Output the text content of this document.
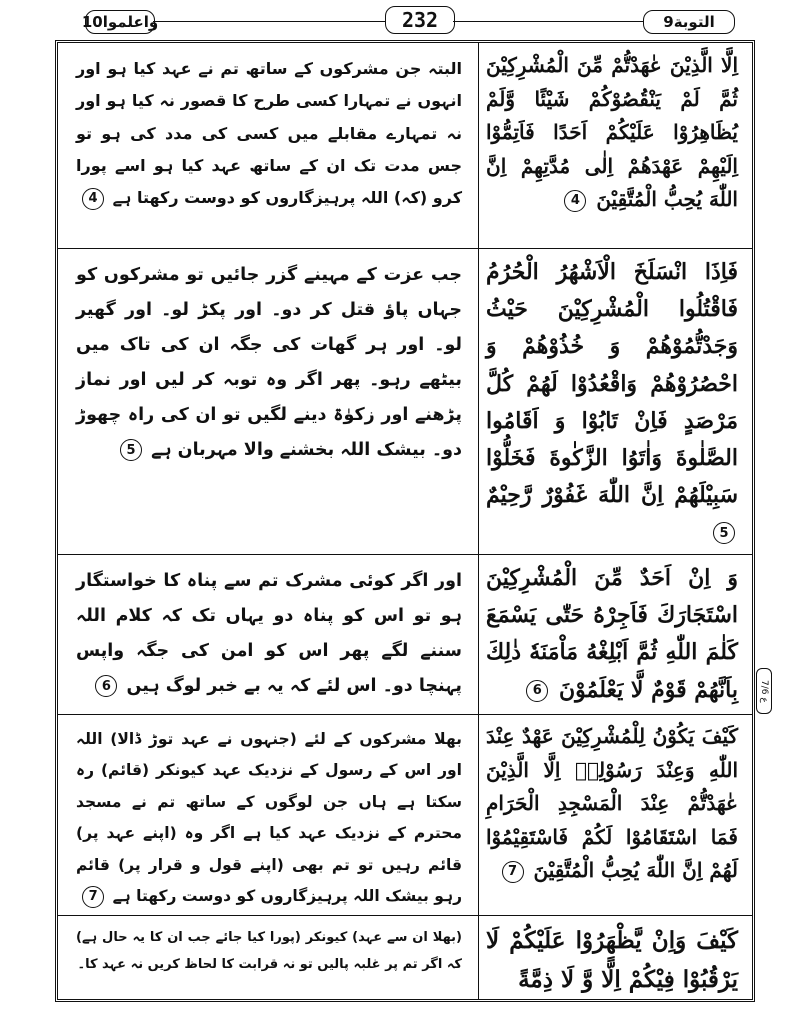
واعلموا10	232	التوبة9
اِلَّا الَّذِيْنَ عٰهَدْتُّمْ مِّنَ الْمُشْرِكِيْنَ ثُمَّ لَمْ يَنْقُصُوْكُمْ شَيْئًا وَّلَمْ يُظَاهِرُوْا عَلَيْكُمْ اَحَدًا فَاَتِمُّوْا اِلَيْهِمْ عَهْدَهُمْ اِلٰى مُدَّتِهِمْ اِنَّ اللّٰهَ يُحِبُّ الْمُتَّقِيْنَ 4
البتہ جن مشرکوں کے ساتھ تم نے عہد کیا ہو اور انہوں نے تمہارا کسی طرح کا قصور نہ کیا ہو اور نہ تمہارے مقابلے میں کسی کی مدد کی ہو تو جس مدت تک ان کے ساتھ عہد کیا ہو اسے پورا کرو (کہ) اللہ پرہیزگاروں کو دوست رکھتا ہے 4
فَاِذَا انْسَلَخَ الْاَشْهُرُ الْحُرُمُ فَاقْتُلُوا الْمُشْرِكِيْنَ حَيْثُ وَجَدْتُّمُوْهُمْ وَ خُذُوْهُمْ وَ احْصُرُوْهُمْ وَاقْعُدُوْا لَهُمْ كُلَّ مَرْصَدٍ فَاِنْ تَابُوْا وَ اَقَامُوا الصَّلٰوةَ وَاٰتَوُا الزَّكٰوةَ فَخَلُّوْا سَبِيْلَهُمْ اِنَّ اللّٰهَ غَفُوْرٌ رَّحِيْمٌ 5
جب عزت کے مہینے گزر جائیں تو مشرکوں کو جہاں پاؤ قتل کر دو۔ اور پکڑ لو۔ اور گھیر لو۔ اور ہر گھات کی جگہ ان کی تاک میں بیٹھے رہو۔ پھر اگر وہ توبہ کر لیں اور نماز پڑھنے اور زکوٰۃ دینے لگیں تو ان کی راہ چھوڑ دو۔ بیشک اللہ بخشنے والا مہربان ہے 5
وَ اِنْ اَحَدٌ مِّنَ الْمُشْرِكِيْنَ اسْتَجَارَكَ فَاَجِرْهُ حَتّٰى يَسْمَعَ كَلٰمَ اللّٰهِ ثُمَّ اَبْلِغْهُ مَاْمَنَهٗ ذٰلِكَ بِاَنَّهُمْ قَوْمٌ لَّا يَعْلَمُوْنَ 6
اور اگر کوئی مشرک تم سے پناہ کا خواستگار ہو تو اس کو پناہ دو یہاں تک کہ کلام اللہ سننے لگے پھر اس کو امن کی جگہ واپس پہنچا دو۔ اس لئے کہ یہ بے خبر لوگ ہیں 6
كَيْفَ يَكُوْنُ لِلْمُشْرِكِيْنَ عَهْدٌ عِنْدَ اللّٰهِ وَعِنْدَ رَسُوْلِهٖ اِلَّا الَّذِيْنَ عٰهَدْتُّمْ عِنْدَ الْمَسْجِدِ الْحَرَامِ فَمَا اسْتَقَامُوْا لَكُمْ فَاسْتَقِيْمُوْا لَهُمْ اِنَّ اللّٰهَ يُحِبُّ الْمُتَّقِيْنَ 7
بھلا مشرکوں کے لئے (جنہوں نے عہد توڑ ڈالا) اللہ اور اس کے رسول کے نزدیک عہد کیونکر (قائم) رہ سکتا ہے ہاں جن لوگوں کے ساتھ تم نے مسجد محترم کے نزدیک عہد کیا ہے اگر وہ (اپنے عہد پر) قائم رہیں تو تم بھی (اپنے قول و قرار پر) قائم رہو بیشک اللہ پرہیزگاروں کو دوست رکھتا ہے 7
كَيْفَ وَاِنْ يَّظْهَرُوْا عَلَيْكُمْ لَا يَرْقُبُوْا فِيْكُمْ اِلًّا وَّ لَا ذِمَّةً
(بھلا ان سے عہد) کیونکر (پورا کیا جائے جب ان کا یہ حال ہے) کہ اگر تم پر غلبہ پالیں تو نہ قرابت کا لحاظ کریں نہ عہد کا۔
ع 7/6
